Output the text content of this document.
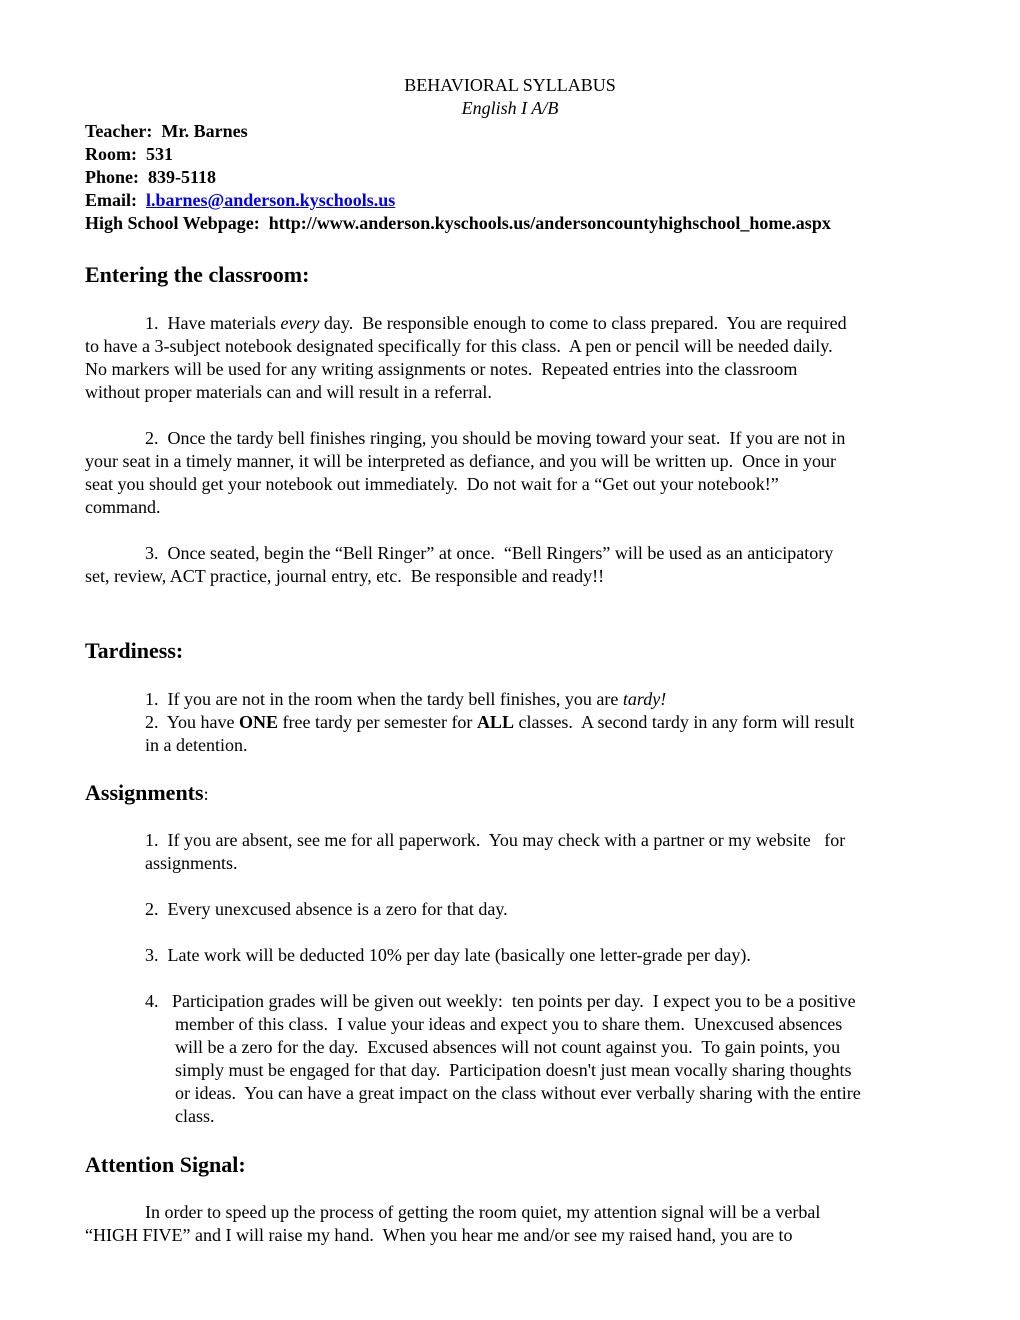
BEHAVIORAL SYLLABUS
English I A/B
Teacher: Mr. Barnes
Room: 531
Phone: 839-5118
Email: l.barnes@anderson.kyschools.us
High School Webpage: http://www.anderson.kyschools.us/andersoncountyhighschool_home.aspx
Entering the classroom:
1.  Have materials every day.  Be responsible enough to come to class prepared.  You are required
to have a 3-subject notebook designated specifically for this class.  A pen or pencil will be needed daily.
No markers will be used for any writing assignments or notes.  Repeated entries into the classroom
without proper materials can and will result in a referral.
2.  Once the tardy bell finishes ringing, you should be moving toward your seat.  If you are not in
your seat in a timely manner, it will be interpreted as defiance, and you will be written up.  Once in your
seat you should get your notebook out immediately.  Do not wait for a “Get out your notebook!”
command.
3.  Once seated, begin the “Bell Ringer” at once.  “Bell Ringers” will be used as an anticipatory
set, review, ACT practice, journal entry, etc.  Be responsible and ready!!
Tardiness:
1.  If you are not in the room when the tardy bell finishes, you are tardy!
2.  You have ONE free tardy per semester for ALL classes.  A second tardy in any form will result
in a detention.
Assignments:
1.  If you are absent, see me for all paperwork.  You may check with a partner or my website   for
assignments.
2.  Every unexcused absence is a zero for that day.
3.  Late work will be deducted 10% per day late (basically one letter-grade per day).
4.   Participation grades will be given out weekly:  ten points per day.  I expect you to be a positive
member of this class.  I value your ideas and expect you to share them.  Unexcused absences
will be a zero for the day.  Excused absences will not count against you.  To gain points, you
simply must be engaged for that day.  Participation doesn't just mean vocally sharing thoughts
or ideas.  You can have a great impact on the class without ever verbally sharing with the entire
class.
Attention Signal:
In order to speed up the process of getting the room quiet, my attention signal will be a verbal
“HIGH FIVE” and I will raise my hand.  When you hear me and/or see my raised hand, you are to
